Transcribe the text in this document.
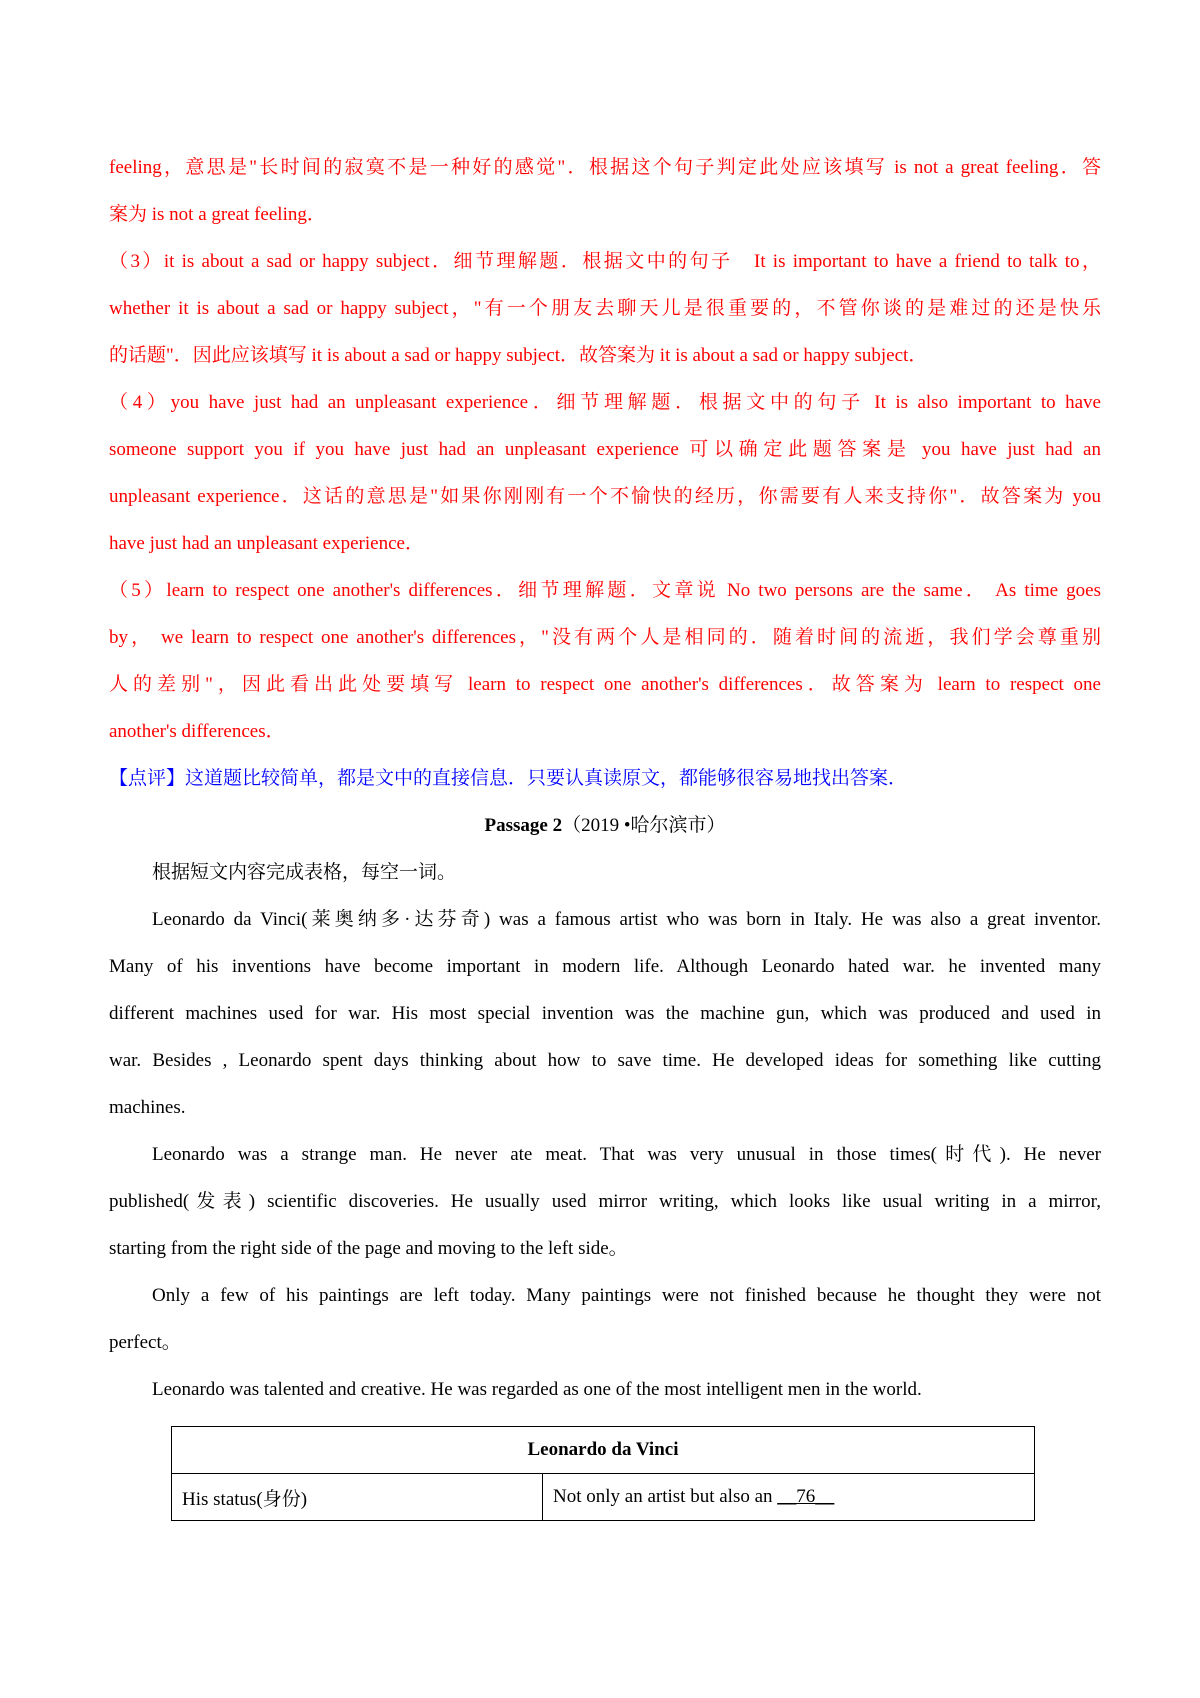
feeling，意思是"长时间的寂寞不是一种好的感觉"．根据这个句子判定此处应该填写 is not a great feeling．答
案为 is not a great feeling．
（3）it is about a sad or happy subject．细节理解题．根据文中的句子　It is important to have a friend to talk to，
whether it is about a sad or happy subject，"有一个朋友去聊天儿是很重要的，不管你谈的是难过的还是快乐
的话题"．因此应该填写 it is about a sad or happy subject．故答案为 it is about a sad or happy subject．
（4）you have just had an unpleasant experience．细节理解题．根据文中的句子 It is also important to have
someone support you if you have just had an unpleasant experience 可以确定此题答案是 you have just had an
unpleasant experience．这话的意思是"如果你刚刚有一个不愉快的经历，你需要有人来支持你"．故答案为 you
have just had an unpleasant experience．
（5）learn to respect one another's differences．细节理解题．文章说 No two persons are the same． As time goes
by， we learn to respect one another's differences，"没有两个人是相同的．随着时间的流逝，我们学会尊重别
人的差别"，因此看出此处要填写 learn to respect one another's differences．故答案为 learn to respect one
another's differences．
【点评】这道题比较简单，都是文中的直接信息．只要认真读原文，都能够很容易地找出答案．
Passage 2（2019 •哈尔滨市）
根据短文内容完成表格，每空一词。
Leonardo da Vinci(莱奥纳多·达芬奇) was a famous artist who was born in Italy. He was also a great inventor.
Many of his inventions have become important in modern life. Although Leonardo hated war. he invented many
different machines used for war. His most special invention was the machine gun, which was produced and used in
war. Besides , Leonardo spent days thinking about how to save time. He developed ideas for something like cutting
machines.
Leonardo was a strange man. He never ate meat. That was very unusual in those times(时代). He never
published(发表) scientific discoveries. He usually used mirror writing, which looks like usual writing in a mirror,
starting from the right side of the page and moving to the left side。
Only a few of his paintings are left today. Many paintings were not finished because he thought they were not
perfect。
Leonardo was talented and creative. He was regarded as one of the most intelligent men in the world.
Leonardo da Vinci
His status(身份)	Not only an artist but also an __76__
